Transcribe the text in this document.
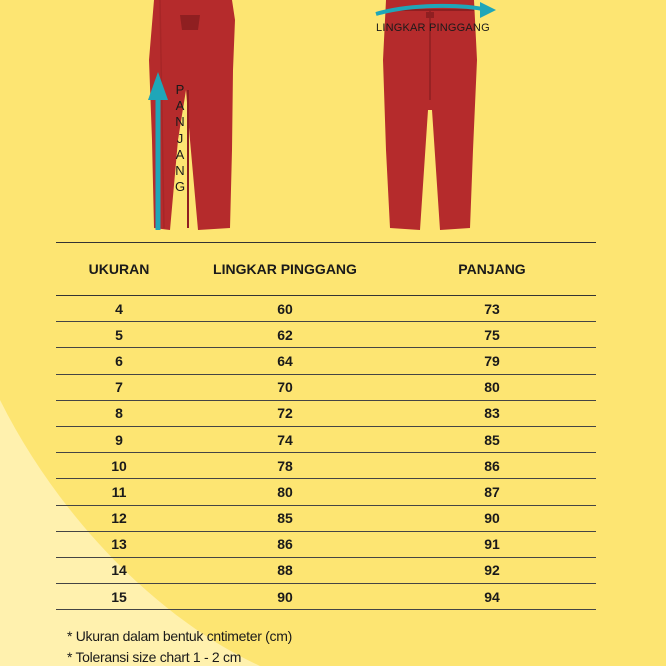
PANJANG
LINGKAR PINGGANG
UKURAN	LINGKAR PINGGANG	PANJANG
4	60	73
5	62	75
6	64	79
7	70	80
8	72	83
9	74	85
10	78	86
11	80	87
12	85	90
13	86	91
14	88	92
15	90	94
* Ukuran dalam bentuk cntimeter (cm)
* Toleransi size chart 1 - 2 cm
